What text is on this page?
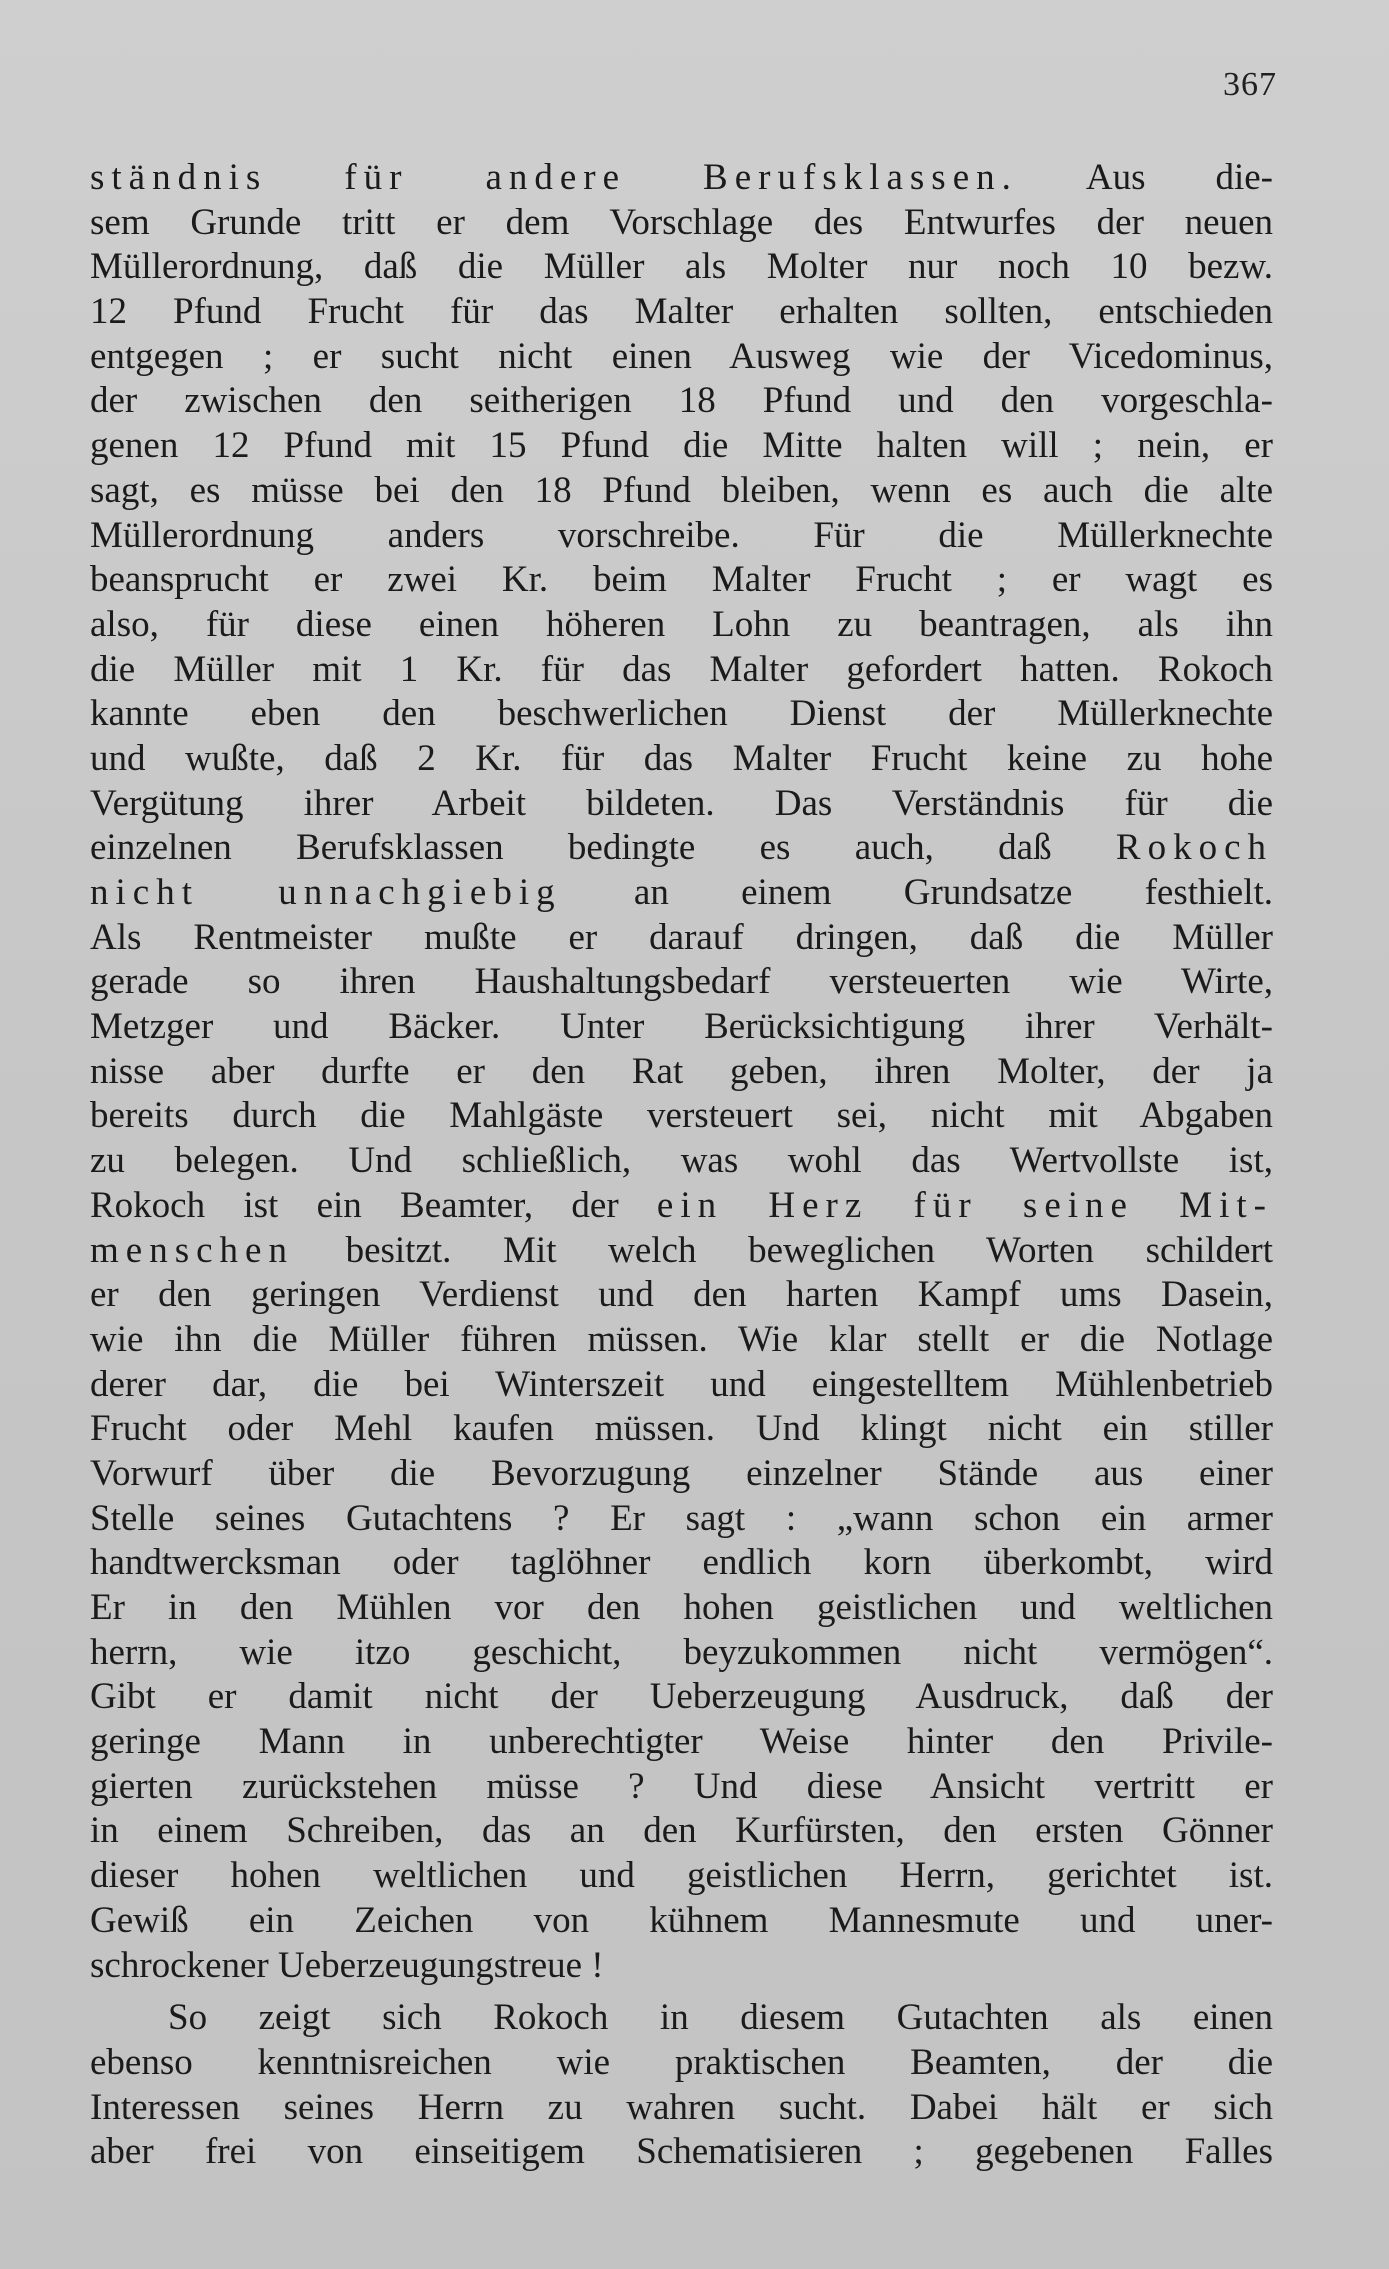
367
ständnis für andere Berufsklassen. Aus die-
sem Grunde tritt er dem Vorschlage des Entwurfes der neuen
Müllerordnung, daß die Müller als Molter nur noch 10 bezw.
12 Pfund Frucht für das Malter erhalten sollten, entschieden
entgegen ; er sucht nicht einen Ausweg wie der Vicedominus,
der zwischen den seitherigen 18 Pfund und den vorgeschla-
genen 12 Pfund mit 15 Pfund die Mitte halten will ; nein, er
sagt, es müsse bei den 18 Pfund bleiben, wenn es auch die alte
Müllerordnung anders vorschreibe. Für die Müllerknechte
beansprucht er zwei Kr. beim Malter Frucht ; er wagt es
also, für diese einen höheren Lohn zu beantragen, als ihn
die Müller mit 1 Kr. für das Malter gefordert hatten. Rokoch
kannte eben den beschwerlichen Dienst der Müllerknechte
und wußte, daß 2 Kr. für das Malter Frucht keine zu hohe
Vergütung ihrer Arbeit bildeten. Das Verständnis für die
einzelnen Berufsklassen bedingte es auch, daß Rokoch
nicht unnachgiebig an einem Grundsatze festhielt.
Als Rentmeister mußte er darauf dringen, daß die Müller
gerade so ihren Haushaltungsbedarf versteuerten wie Wirte,
Metzger und Bäcker. Unter Berücksichtigung ihrer Verhält-
nisse aber durfte er den Rat geben, ihren Molter, der ja
bereits durch die Mahlgäste versteuert sei, nicht mit Abgaben
zu belegen. Und schließlich, was wohl das Wertvollste ist,
Rokoch ist ein Beamter, der ein Herz für seine Mit-
menschen besitzt. Mit welch beweglichen Worten schildert
er den geringen Verdienst und den harten Kampf ums Dasein,
wie ihn die Müller führen müssen. Wie klar stellt er die Notlage
derer dar, die bei Winterszeit und eingestelltem Mühlenbetrieb
Frucht oder Mehl kaufen müssen. Und klingt nicht ein stiller
Vorwurf über die Bevorzugung einzelner Stände aus einer
Stelle seines Gutachtens ? Er sagt : „wann schon ein armer
handtwercksman oder taglöhner endlich korn überkombt, wird
Er in den Mühlen vor den hohen geistlichen und weltlichen
herrn, wie itzo geschicht, beyzukommen nicht vermögen“.
Gibt er damit nicht der Ueberzeugung Ausdruck, daß der
geringe Mann in unberechtigter Weise hinter den Privile-
gierten zurückstehen müsse ? Und diese Ansicht vertritt er
in einem Schreiben, das an den Kurfürsten, den ersten Gönner
dieser hohen weltlichen und geistlichen Herrn, gerichtet ist.
Gewiß ein Zeichen von kühnem Mannesmute und uner-
schrockener Ueberzeugungstreue !
So zeigt sich Rokoch in diesem Gutachten als einen
ebenso kenntnisreichen wie praktischen Beamten, der die
Interessen seines Herrn zu wahren sucht. Dabei hält er sich
aber frei von einseitigem Schematisieren ; gegebenen Falles
